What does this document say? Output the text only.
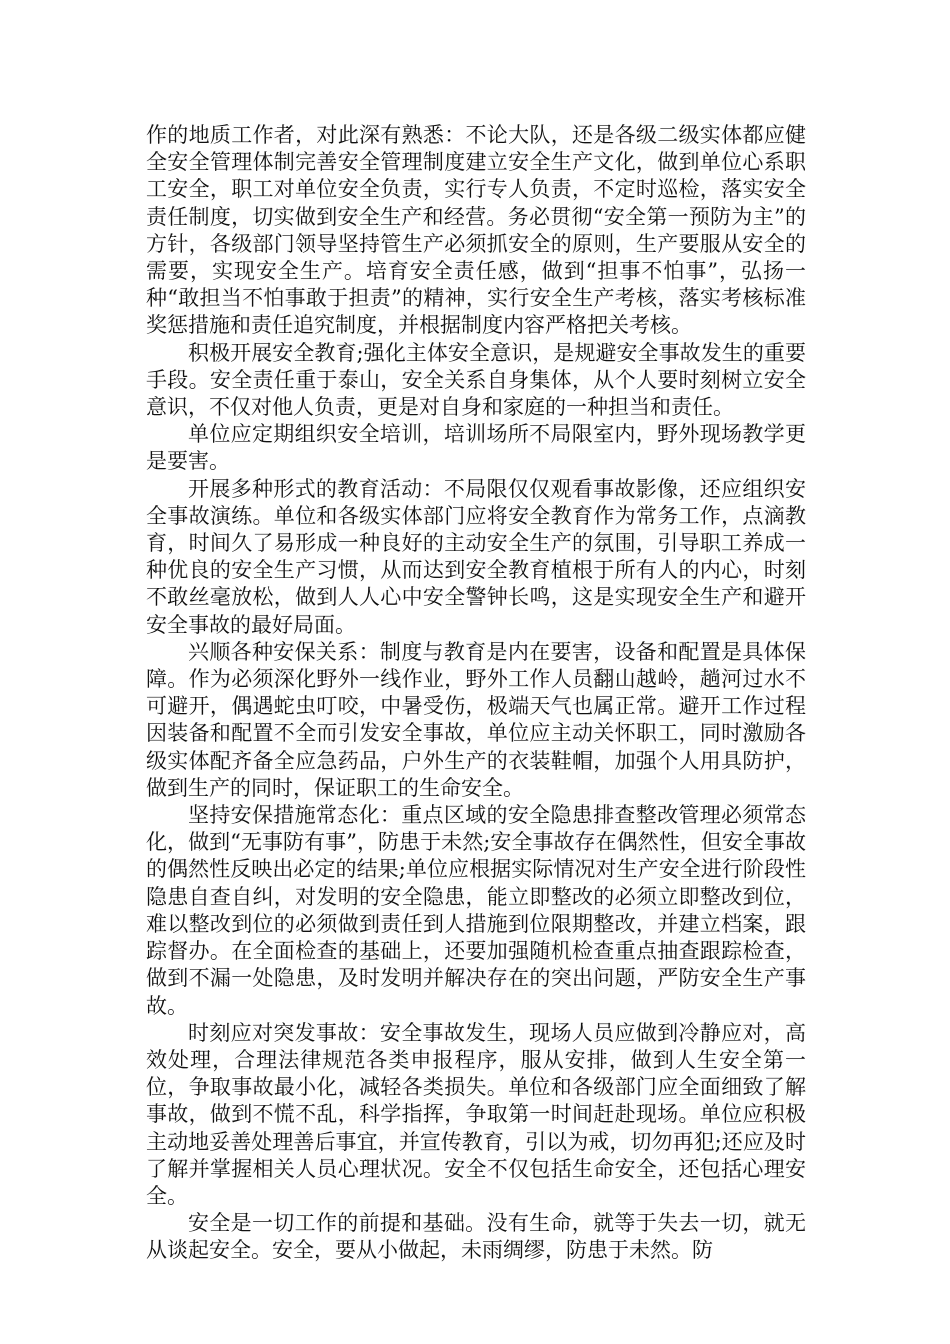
作的地质工作者，对此深有熟悉：不论大队，还是各级二级实体都应健全安全管理体制完善安全管理制度建立安全生产文化，做到单位心系职工安全，职工对单位安全负责，实行专人负责，不定时巡检，落实安全责任制度，切实做到安全生产和经营。务必贯彻“安全第一预防为主”的方针，各级部门领导坚持管生产必须抓安全的原则，生产要服从安全的需要，实现安全生产。培育安全责任感，做到“担事不怕事”，弘扬一种“敢担当不怕事敢于担责”的精神，实行安全生产考核，落实考核标准奖惩措施和责任追究制度，并根据制度内容严格把关考核。

积极开展安全教育;强化主体安全意识，是规避安全事故发生的重要手段。安全责任重于泰山，安全关系自身集体，从个人要时刻树立安全意识，不仅对他人负责，更是对自身和家庭的一种担当和责任。

单位应定期组织安全培训，培训场所不局限室内，野外现场教学更是要害。

开展多种形式的教育活动：不局限仅仅观看事故影像，还应组织安全事故演练。单位和各级实体部门应将安全教育作为常务工作，点滴教育，时间久了易形成一种良好的主动安全生产的氛围，引导职工养成一种优良的安全生产习惯，从而达到安全教育植根于所有人的内心，时刻不敢丝毫放松，做到人人心中安全警钟长鸣，这是实现安全生产和避开安全事故的最好局面。

兴顺各种安保关系：制度与教育是内在要害，设备和配置是具体保障。作为必须深化野外一线作业，野外工作人员翻山越岭，趟河过水不可避开，偶遇蛇虫叮咬，中暑受伤，极端天气也属正常。避开工作过程因装备和配置不全而引发安全事故，单位应主动关怀职工，同时激励各级实体配齐备全应急药品，户外生产的衣装鞋帽，加强个人用具防护，做到生产的同时，保证职工的生命安全。

坚持安保措施常态化：重点区域的安全隐患排查整改管理必须常态化，做到“无事防有事”，防患于未然;安全事故存在偶然性，但安全事故的偶然性反映出必定的结果;单位应根据实际情况对生产安全进行阶段性隐患自查自纠，对发明的安全隐患，能立即整改的必须立即整改到位，难以整改到位的必须做到责任到人措施到位限期整改，并建立档案，跟踪督办。在全面检查的基础上，还要加强随机检查重点抽查跟踪检查，做到不漏一处隐患，及时发明并解决存在的突出问题，严防安全生产事故。

时刻应对突发事故：安全事故发生，现场人员应做到冷静应对，高效处理，合理法律规范各类申报程序，服从安排，做到人生安全第一位，争取事故最小化，减轻各类损失。单位和各级部门应全面细致了解事故，做到不慌不乱，科学指挥，争取第一时间赶赴现场。单位应积极主动地妥善处理善后事宜，并宣传教育，引以为戒，切勿再犯;还应及时了解并掌握相关人员心理状况。安全不仅包括生命安全，还包括心理安全。

安全是一切工作的前提和基础。没有生命，就等于失去一切，就无从谈起安全。安全，要从小做起，未雨绸缪，防患于未然。防
